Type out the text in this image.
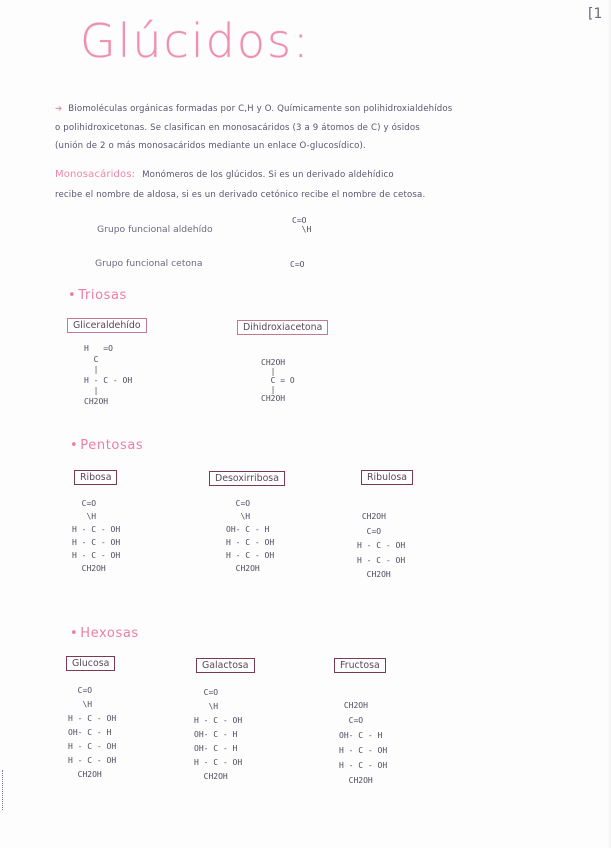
[1
Glúcidos:
➔ Biomoléculas orgánicas formadas por C,H y O. Químicamente son polihidroxialdehídos
o polihidroxicetonas. Se clasifican en monosacáridos (3 a 9 átomos de C) y ósidos
(unión de 2 o más monosacáridos mediante un enlace O-glucosídico).
Monosacáridos: Monómeros de los glúcidos. Si es un derivado aldehídico
recibe el nombre de aldosa, si es un derivado cetónico recibe el nombre de cetosa.
Grupo funcional aldehído
C=O
\H
Grupo funcional cetona	C=O
• Triosas
Gliceraldehído
H   =O
C
|
H - C - OH
|
CH2OH
Dihidroxiacetona
CH2OH
|
C = O
|
CH2OH
• Pentosas
Ribosa
C=O
\H
H - C - OH
H - C - OH
H - C - OH
CH2OH
Desoxirribosa
C=O
\H
OH- C - H
H - C - OH
H - C - OH
CH2OH
Ribulosa
CH2OH
C=O
H - C - OH
H - C - OH
CH2OH
• Hexosas
Glucosa
C=O
\H
H - C - OH
OH- C - H
H - C - OH
H - C - OH
CH2OH
Galactosa
C=O
\H
H - C - OH
OH- C - H
OH- C - H
H - C - OH
CH2OH
Fructosa
CH2OH
C=O
OH- C - H
H - C - OH
H - C - OH
CH2OH
